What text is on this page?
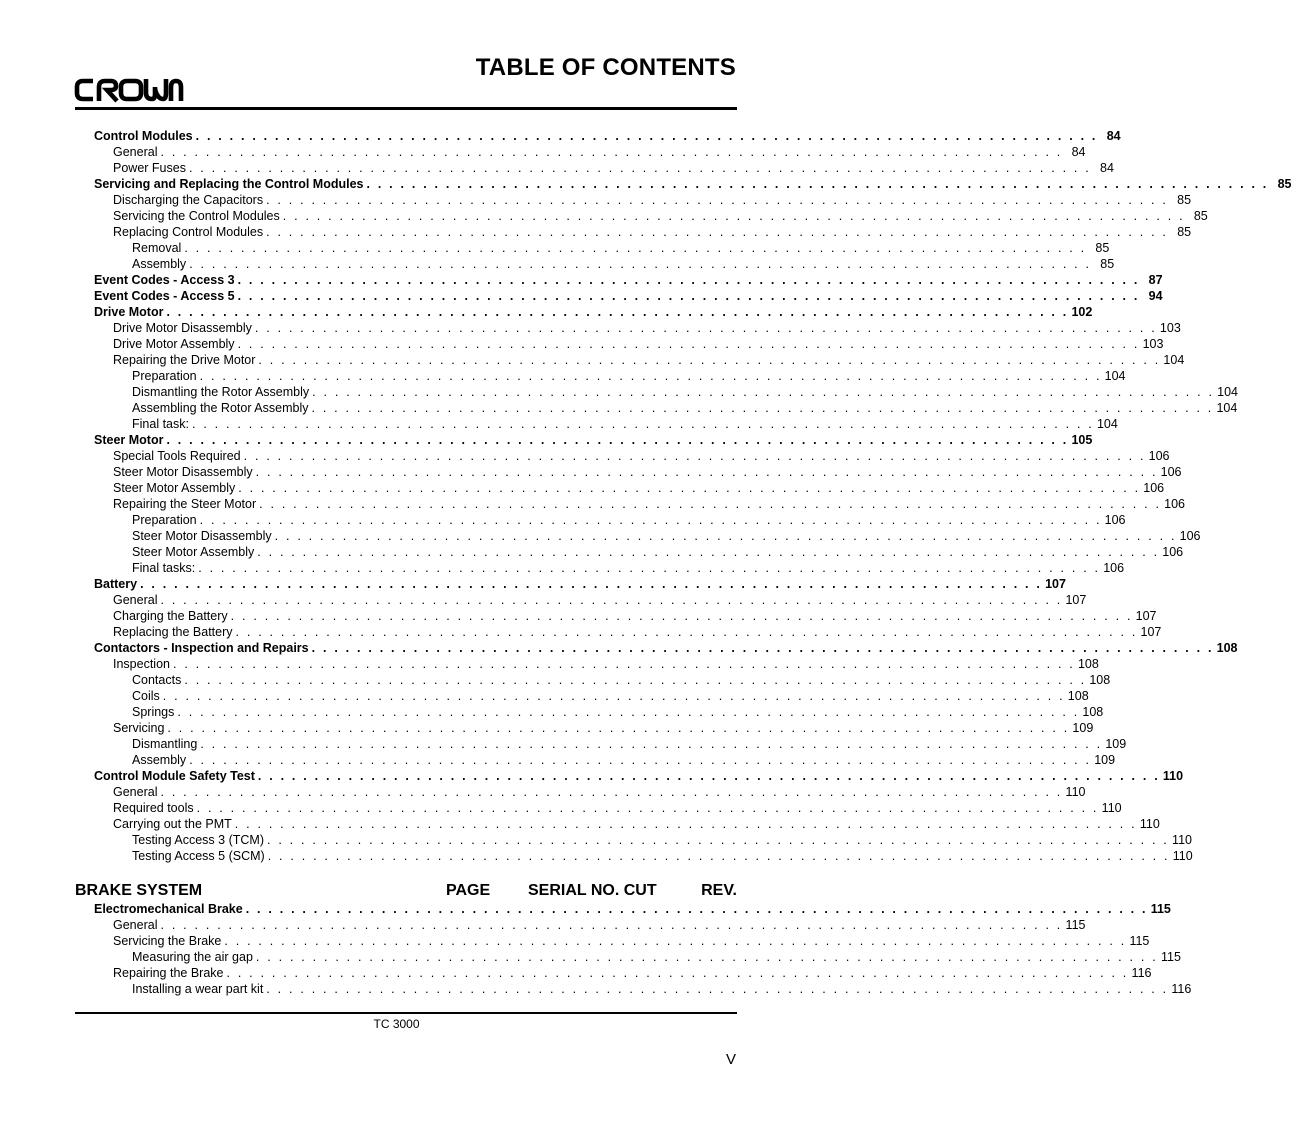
TABLE OF CONTENTS
Control Modules . . . . . . . . . . . . . . . . . . . . . . . . . . . . . . . . . . . . . . . . . . . . . . . . . . . . . . . . . . . . . . . . . . . . . . . . . . . . . . . . 84
General . . . . . . . . . . . . . . . . . . . . . . . . . . . . . . . . . . . . . . . . . . . . . . . . . . . . . . . . . . . . . . . . . . . . . . . . . . . . . . . . 84
Power Fuses . . . . . . . . . . . . . . . . . . . . . . . . . . . . . . . . . . . . . . . . . . . . . . . . . . . . . . . . . . . . . . . . . . . . . . . . . . . . . . . . 84
Servicing and Replacing the Control Modules . . . . . . . . . . . . . . . . . . . . . . . . . . . . . . . . . . . . . . . . . . . . . . . . . . . . . . . . . . . . . . . . . . . . . . . . . . . . . . . . 85
Discharging the Capacitors . . . . . . . . . . . . . . . . . . . . . . . . . . . . . . . . . . . . . . . . . . . . . . . . . . . . . . . . . . . . . . . . . . . . . . . . . . . . . . . . 85
Servicing the Control Modules . . . . . . . . . . . . . . . . . . . . . . . . . . . . . . . . . . . . . . . . . . . . . . . . . . . . . . . . . . . . . . . . . . . . . . . . . . . . . . . . 85
Replacing Control Modules . . . . . . . . . . . . . . . . . . . . . . . . . . . . . . . . . . . . . . . . . . . . . . . . . . . . . . . . . . . . . . . . . . . . . . . . . . . . . . . . 85
Removal . . . . . . . . . . . . . . . . . . . . . . . . . . . . . . . . . . . . . . . . . . . . . . . . . . . . . . . . . . . . . . . . . . . . . . . . . . . . . . . . 85
Assembly . . . . . . . . . . . . . . . . . . . . . . . . . . . . . . . . . . . . . . . . . . . . . . . . . . . . . . . . . . . . . . . . . . . . . . . . . . . . . . . . 85
Event Codes - Access 3 . . . . . . . . . . . . . . . . . . . . . . . . . . . . . . . . . . . . . . . . . . . . . . . . . . . . . . . . . . . . . . . . . . . . . . . . . . . . . . . . 87
Event Codes - Access 5 . . . . . . . . . . . . . . . . . . . . . . . . . . . . . . . . . . . . . . . . . . . . . . . . . . . . . . . . . . . . . . . . . . . . . . . . . . . . . . . . 94
Drive Motor . . . . . . . . . . . . . . . . . . . . . . . . . . . . . . . . . . . . . . . . . . . . . . . . . . . . . . . . . . . . . . . . . . . . . . . . . . . . . . . . 102
Drive Motor Disassembly . . . . . . . . . . . . . . . . . . . . . . . . . . . . . . . . . . . . . . . . . . . . . . . . . . . . . . . . . . . . . . . . . . . . . . . . . . . . . . . . 103
Drive Motor Assembly . . . . . . . . . . . . . . . . . . . . . . . . . . . . . . . . . . . . . . . . . . . . . . . . . . . . . . . . . . . . . . . . . . . . . . . . . . . . . . . . 103
Repairing the Drive Motor . . . . . . . . . . . . . . . . . . . . . . . . . . . . . . . . . . . . . . . . . . . . . . . . . . . . . . . . . . . . . . . . . . . . . . . . . . . . . . . . 104
Preparation . . . . . . . . . . . . . . . . . . . . . . . . . . . . . . . . . . . . . . . . . . . . . . . . . . . . . . . . . . . . . . . . . . . . . . . . . . . . . . . . 104
Dismantling the Rotor Assembly . . . . . . . . . . . . . . . . . . . . . . . . . . . . . . . . . . . . . . . . . . . . . . . . . . . . . . . . . . . . . . . . . . . . . . . . . . . . . . . . 104
Assembling the Rotor Assembly . . . . . . . . . . . . . . . . . . . . . . . . . . . . . . . . . . . . . . . . . . . . . . . . . . . . . . . . . . . . . . . . . . . . . . . . . . . . . . . . 104
Final task: . . . . . . . . . . . . . . . . . . . . . . . . . . . . . . . . . . . . . . . . . . . . . . . . . . . . . . . . . . . . . . . . . . . . . . . . . . . . . . . . 104
Steer Motor . . . . . . . . . . . . . . . . . . . . . . . . . . . . . . . . . . . . . . . . . . . . . . . . . . . . . . . . . . . . . . . . . . . . . . . . . . . . . . . . 105
Special Tools Required . . . . . . . . . . . . . . . . . . . . . . . . . . . . . . . . . . . . . . . . . . . . . . . . . . . . . . . . . . . . . . . . . . . . . . . . . . . . . . . . 106
Steer Motor Disassembly . . . . . . . . . . . . . . . . . . . . . . . . . . . . . . . . . . . . . . . . . . . . . . . . . . . . . . . . . . . . . . . . . . . . . . . . . . . . . . . . 106
Steer Motor Assembly . . . . . . . . . . . . . . . . . . . . . . . . . . . . . . . . . . . . . . . . . . . . . . . . . . . . . . . . . . . . . . . . . . . . . . . . . . . . . . . . 106
Repairing the Steer Motor . . . . . . . . . . . . . . . . . . . . . . . . . . . . . . . . . . . . . . . . . . . . . . . . . . . . . . . . . . . . . . . . . . . . . . . . . . . . . . . . 106
Preparation . . . . . . . . . . . . . . . . . . . . . . . . . . . . . . . . . . . . . . . . . . . . . . . . . . . . . . . . . . . . . . . . . . . . . . . . . . . . . . . . 106
Steer Motor Disassembly . . . . . . . . . . . . . . . . . . . . . . . . . . . . . . . . . . . . . . . . . . . . . . . . . . . . . . . . . . . . . . . . . . . . . . . . . . . . . . . . 106
Steer Motor Assembly . . . . . . . . . . . . . . . . . . . . . . . . . . . . . . . . . . . . . . . . . . . . . . . . . . . . . . . . . . . . . . . . . . . . . . . . . . . . . . . . 106
Final tasks: . . . . . . . . . . . . . . . . . . . . . . . . . . . . . . . . . . . . . . . . . . . . . . . . . . . . . . . . . . . . . . . . . . . . . . . . . . . . . . . . 106
Battery . . . . . . . . . . . . . . . . . . . . . . . . . . . . . . . . . . . . . . . . . . . . . . . . . . . . . . . . . . . . . . . . . . . . . . . . . . . . . . . . 107
General . . . . . . . . . . . . . . . . . . . . . . . . . . . . . . . . . . . . . . . . . . . . . . . . . . . . . . . . . . . . . . . . . . . . . . . . . . . . . . . . 107
Charging the Battery . . . . . . . . . . . . . . . . . . . . . . . . . . . . . . . . . . . . . . . . . . . . . . . . . . . . . . . . . . . . . . . . . . . . . . . . . . . . . . . . 107
Replacing the Battery . . . . . . . . . . . . . . . . . . . . . . . . . . . . . . . . . . . . . . . . . . . . . . . . . . . . . . . . . . . . . . . . . . . . . . . . . . . . . . . . 107
Contactors - Inspection and Repairs . . . . . . . . . . . . . . . . . . . . . . . . . . . . . . . . . . . . . . . . . . . . . . . . . . . . . . . . . . . . . . . . . . . . . . . . . . . . . . . . 108
Inspection . . . . . . . . . . . . . . . . . . . . . . . . . . . . . . . . . . . . . . . . . . . . . . . . . . . . . . . . . . . . . . . . . . . . . . . . . . . . . . . . 108
Contacts . . . . . . . . . . . . . . . . . . . . . . . . . . . . . . . . . . . . . . . . . . . . . . . . . . . . . . . . . . . . . . . . . . . . . . . . . . . . . . . . 108
Coils . . . . . . . . . . . . . . . . . . . . . . . . . . . . . . . . . . . . . . . . . . . . . . . . . . . . . . . . . . . . . . . . . . . . . . . . . . . . . . . . 108
Springs . . . . . . . . . . . . . . . . . . . . . . . . . . . . . . . . . . . . . . . . . . . . . . . . . . . . . . . . . . . . . . . . . . . . . . . . . . . . . . . . 108
Servicing . . . . . . . . . . . . . . . . . . . . . . . . . . . . . . . . . . . . . . . . . . . . . . . . . . . . . . . . . . . . . . . . . . . . . . . . . . . . . . . . 109
Dismantling . . . . . . . . . . . . . . . . . . . . . . . . . . . . . . . . . . . . . . . . . . . . . . . . . . . . . . . . . . . . . . . . . . . . . . . . . . . . . . . . 109
Assembly . . . . . . . . . . . . . . . . . . . . . . . . . . . . . . . . . . . . . . . . . . . . . . . . . . . . . . . . . . . . . . . . . . . . . . . . . . . . . . . . 109
Control Module Safety Test . . . . . . . . . . . . . . . . . . . . . . . . . . . . . . . . . . . . . . . . . . . . . . . . . . . . . . . . . . . . . . . . . . . . . . . . . . . . . . . . 110
General . . . . . . . . . . . . . . . . . . . . . . . . . . . . . . . . . . . . . . . . . . . . . . . . . . . . . . . . . . . . . . . . . . . . . . . . . . . . . . . . 110
Required tools . . . . . . . . . . . . . . . . . . . . . . . . . . . . . . . . . . . . . . . . . . . . . . . . . . . . . . . . . . . . . . . . . . . . . . . . . . . . . . . . 110
Carrying out the PMT . . . . . . . . . . . . . . . . . . . . . . . . . . . . . . . . . . . . . . . . . . . . . . . . . . . . . . . . . . . . . . . . . . . . . . . . . . . . . . . . 110
Testing Access 3 (TCM) . . . . . . . . . . . . . . . . . . . . . . . . . . . . . . . . . . . . . . . . . . . . . . . . . . . . . . . . . . . . . . . . . . . . . . . . . . . . . . . . 110
Testing Access 5 (SCM) . . . . . . . . . . . . . . . . . . . . . . . . . . . . . . . . . . . . . . . . . . . . . . . . . . . . . . . . . . . . . . . . . . . . . . . . . . . . . . . . 110
BRAKE SYSTEM	PAGE SERIAL NO. CUT	REV.
Electromechanical Brake . . . . . . . . . . . . . . . . . . . . . . . . . . . . . . . . . . . . . . . . . . . . . . . . . . . . . . . . . . . . . . . . . . . . . . . . . . . . . . . . 115
General . . . . . . . . . . . . . . . . . . . . . . . . . . . . . . . . . . . . . . . . . . . . . . . . . . . . . . . . . . . . . . . . . . . . . . . . . . . . . . . . 115
Servicing the Brake . . . . . . . . . . . . . . . . . . . . . . . . . . . . . . . . . . . . . . . . . . . . . . . . . . . . . . . . . . . . . . . . . . . . . . . . . . . . . . . . 115
Measuring the air gap . . . . . . . . . . . . . . . . . . . . . . . . . . . . . . . . . . . . . . . . . . . . . . . . . . . . . . . . . . . . . . . . . . . . . . . . . . . . . . . . 115
Repairing the Brake . . . . . . . . . . . . . . . . . . . . . . . . . . . . . . . . . . . . . . . . . . . . . . . . . . . . . . . . . . . . . . . . . . . . . . . . . . . . . . . . 116
Installing a wear part kit . . . . . . . . . . . . . . . . . . . . . . . . . . . . . . . . . . . . . . . . . . . . . . . . . . . . . . . . . . . . . . . . . . . . . . . . . . . . . . . . 116
TC 3000
V
